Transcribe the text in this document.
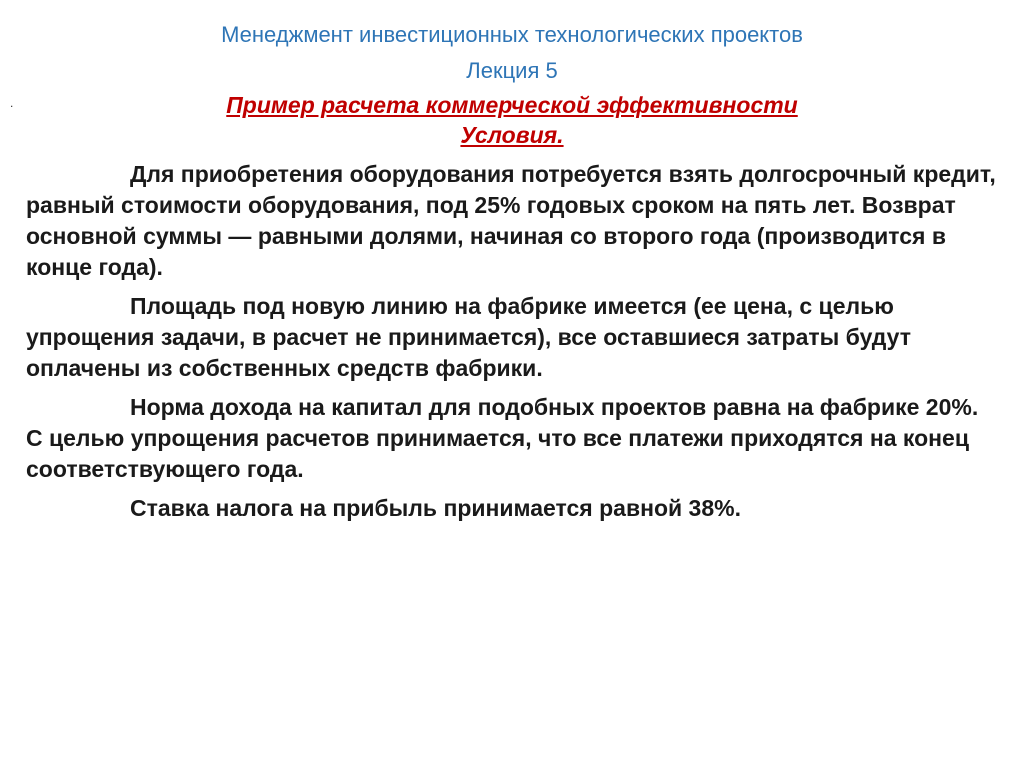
Менеджмент инвестиционных технологических проектов
Лекция 5
.	Пример расчета коммерческой эффективности
Условия.

Для приобретения оборудования потребуется взять долгосрочный кредит, равный стоимости оборудования, под 25% годовых сроком на пять лет. Возврат основной суммы — равными долями, начиная со второго года (производится в конце года).

Площадь под новую линию на фабрике имеется (ее цена, с целью упрощения задачи, в расчет не принимается), все оставшиеся затраты будут оплачены из собственных средств фабрики.

Норма дохода на капитал для подобных проектов равна на фабрике 20%. С целью упрощения расчетов принимается, что все платежи приходятся на конец соответствующего года.

Ставка налога на прибыль принимается равной 38%.
